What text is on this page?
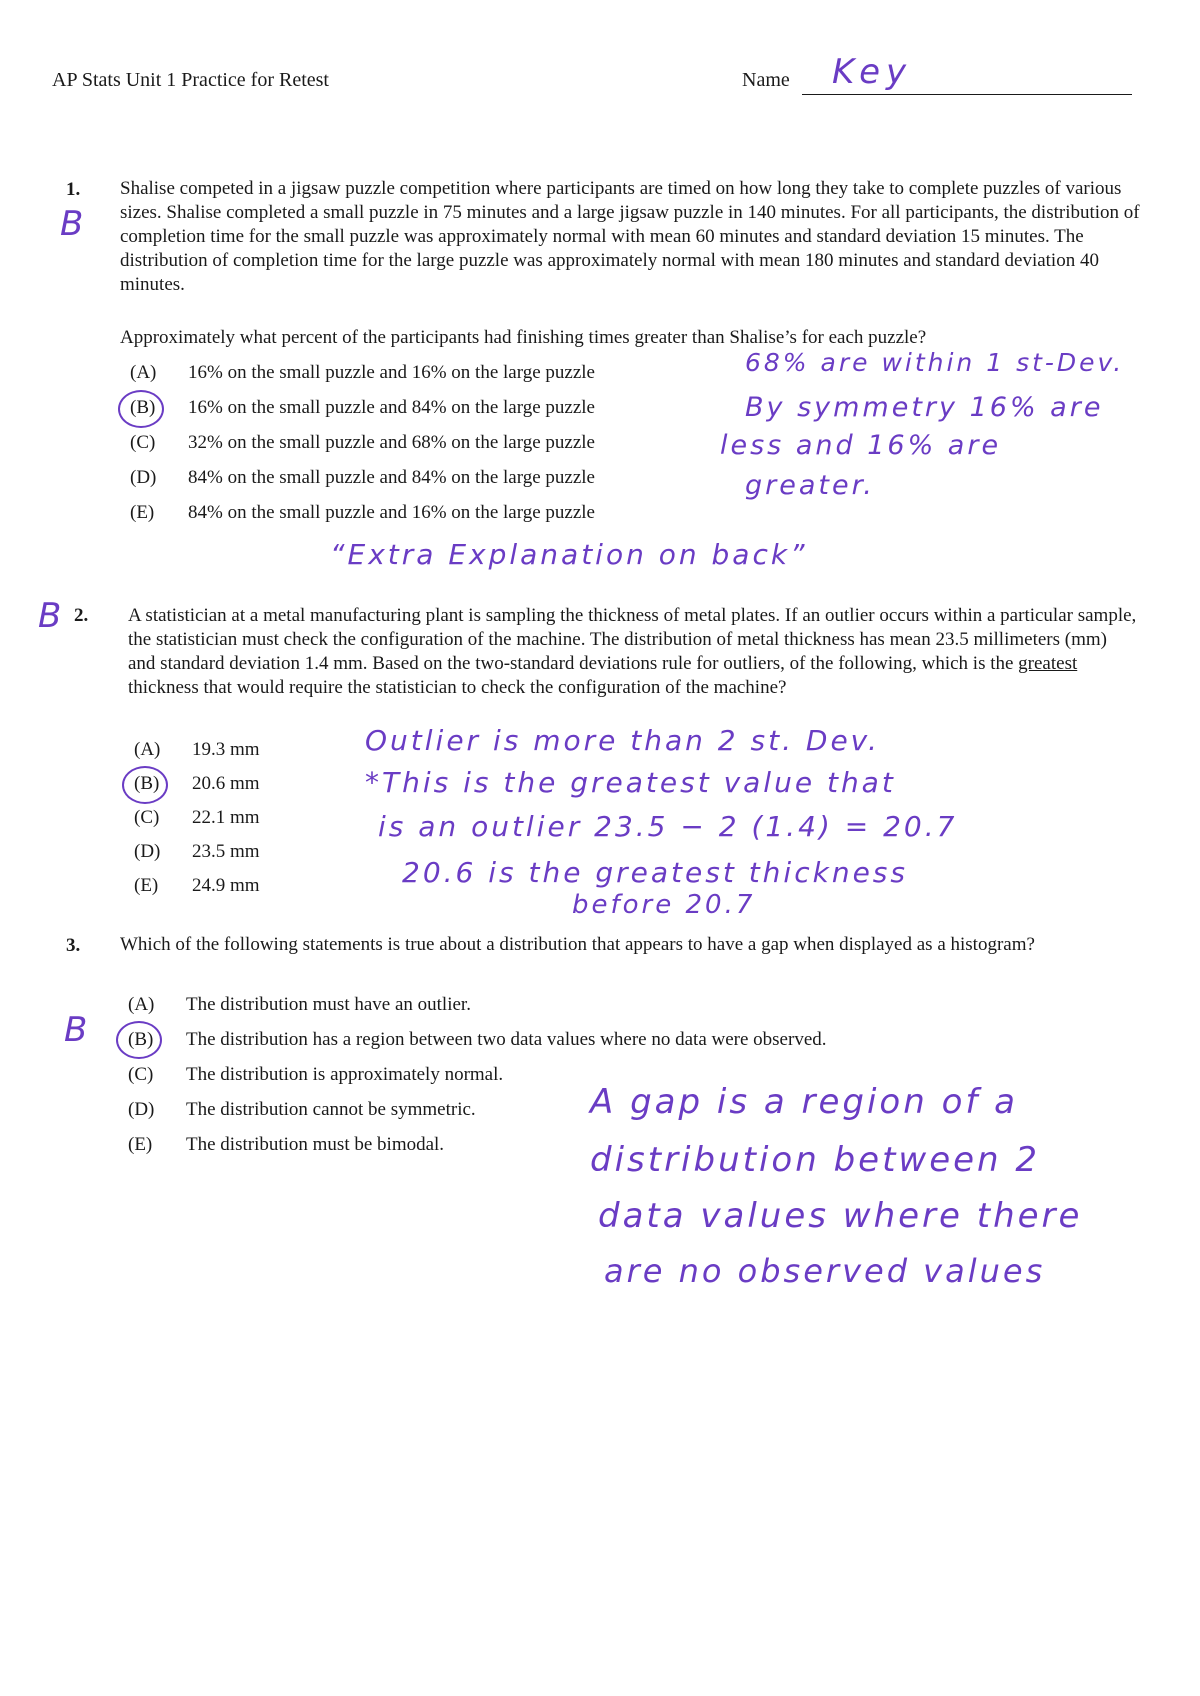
AP Stats Unit 1 Practice for Retest	Name Key
1.
B
Shalise competed in a jigsaw puzzle competition where participants are timed on how long they take to complete puzzles of various sizes. Shalise completed a small puzzle in 75 minutes and a large jigsaw puzzle in 140 minutes. For all participants, the distribution of completion time for the small puzzle was approximately normal with mean 60 minutes and standard deviation 15 minutes. The distribution of completion time for the large puzzle was approximately normal with mean 180 minutes and standard deviation 40 minutes.
Approximately what percent of the participants had finishing times greater than Shalise’s for each puzzle?
(A)	16% on the small puzzle and 16% on the large puzzle
(B)	16% on the small puzzle and 84% on the large puzzle
(C)	32% on the small puzzle and 68% on the large puzzle
(D)	84% on the small puzzle and 84% on the large puzzle
(E)	84% on the small puzzle and 16% on the large puzzle
68% are within 1 st-Dev.
By symmetry 16% are
less and 16% are
greater.
“Extra Explanation on back”
B 2. A statistician at a metal manufacturing plant is sampling the thickness of metal plates. If an outlier occurs within a particular sample, the statistician must check the configuration of the machine. The distribution of metal thickness has mean 23.5 millimeters (mm) and standard deviation 1.4 mm. Based on the two-standard deviations rule for outliers, of the following, which is the greatest thickness that would require the statistician to check the configuration of the machine?
(A)	19.3 mm
(B)	20.6 mm
(C)	22.1 mm
(D)	23.5 mm
(E)	24.9 mm
Outlier is more than 2 st. Dev.
*This is the greatest value that
is an outlier 23.5 − 2 (1.4) = 20.7
20.6 is the greatest thickness
before 20.7
3. Which of the following statements is true about a distribution that appears to have a gap when displayed as a histogram?
B
(A)	The distribution must have an outlier.
(B)	The distribution has a region between two data values where no data were observed.
(C)	The distribution is approximately normal.
(D)	The distribution cannot be symmetric.
(E)	The distribution must be bimodal.
A gap is a region of a
distribution between 2
data values where there
are no observed values
